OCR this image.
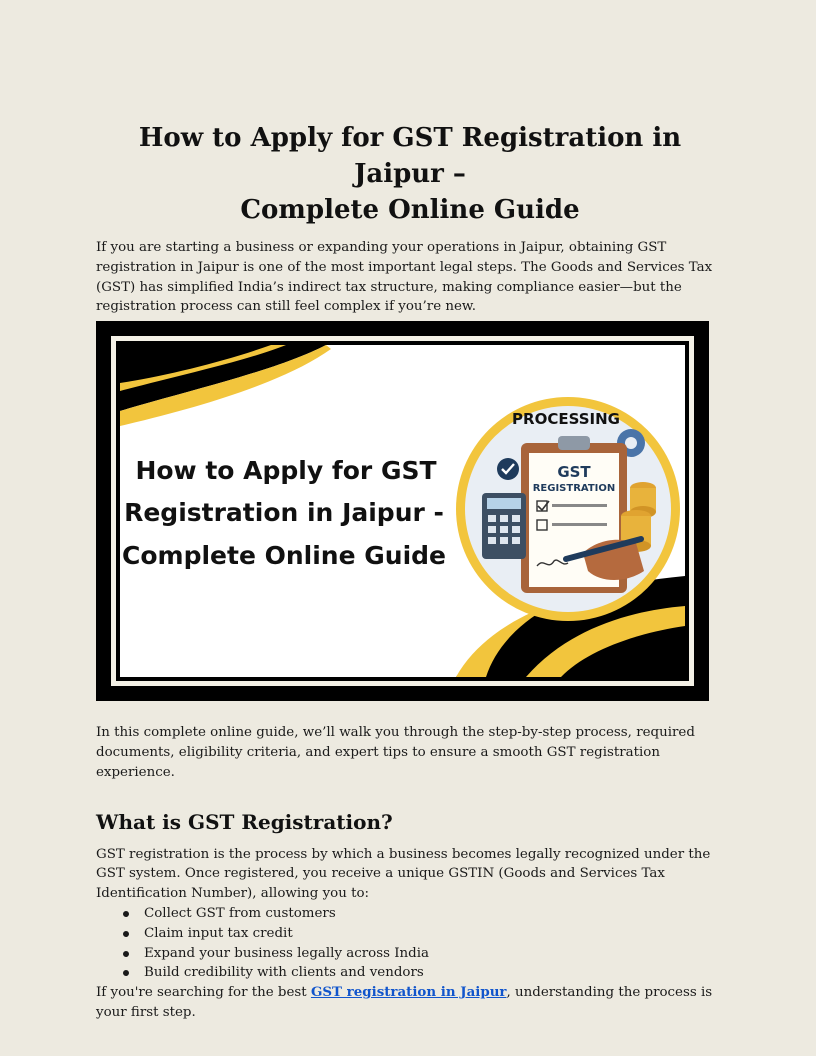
How to Apply for GST Registration in Jaipur –
Complete Online Guide

If you are starting a business or expanding your operations in Jaipur, obtaining GST registration in Jaipur is one of the most important legal steps. The Goods and Services Tax (GST) has simplified India’s indirect tax structure, making compliance easier—but the registration process can still feel complex if you’re new.

How to Apply for GST
Registration in Jaipur -
Complete Online Guide
PROCESSING
GST
REGISTRATION

In this complete online guide, we’ll walk you through the step-by-step process, required documents, eligibility criteria, and expert tips to ensure a smooth GST registration experience.

What is GST Registration?

GST registration is the process by which a business becomes legally recognized under the GST system. Once registered, you receive a unique GSTIN (Goods and Services Tax Identification Number), allowing you to:

Collect GST from customers
Claim input tax credit
Expand your business legally across India
Build credibility with clients and vendors

If you're searching for the best GST registration in Jaipur, understanding the process is your first step.
